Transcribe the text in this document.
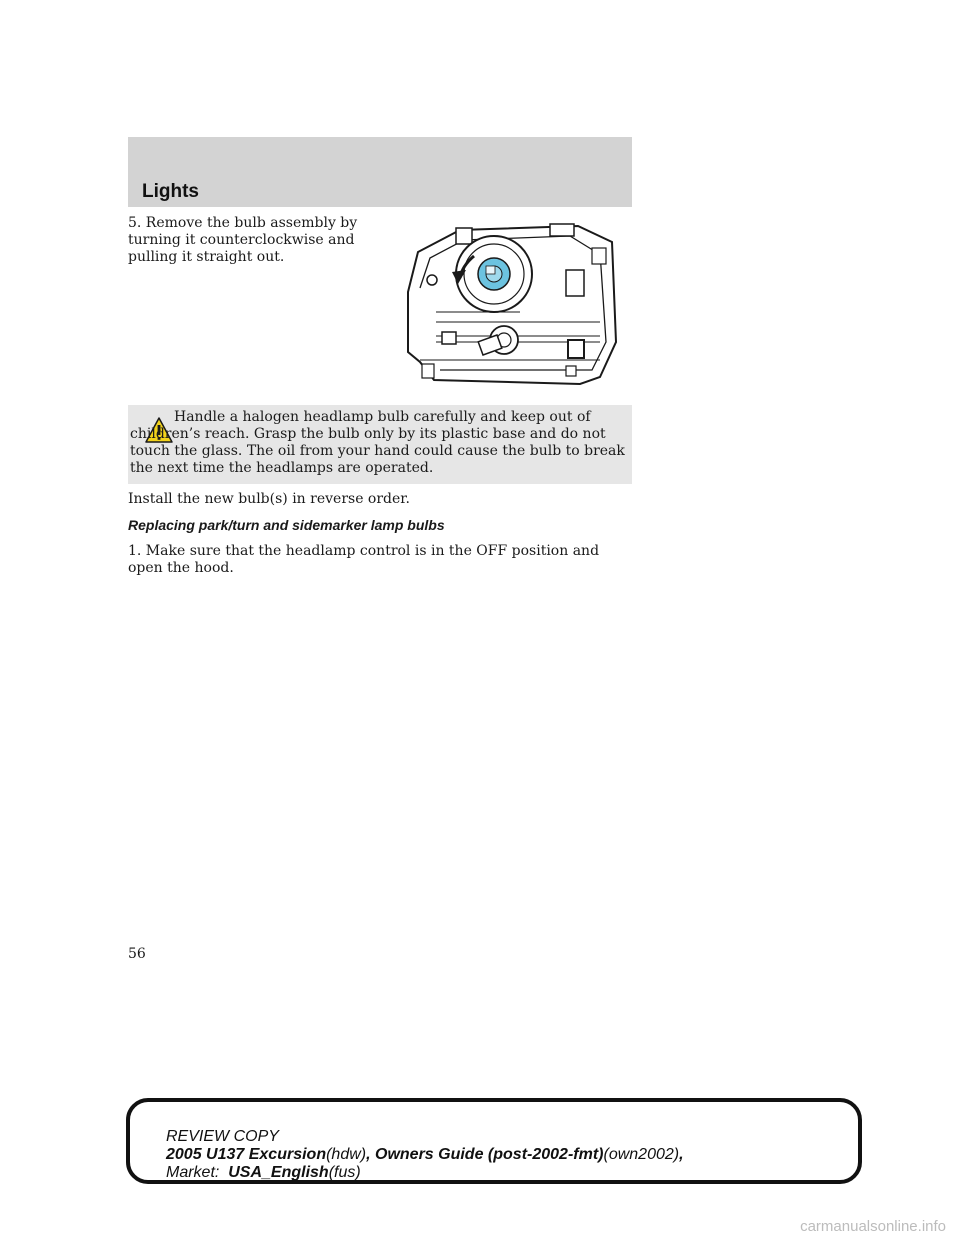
Lights

5. Remove the bulb assembly by turning it counterclockwise and pulling it straight out.

Handle a halogen headlamp bulb carefully and keep out of children’s reach. Grasp the bulb only by its plastic base and do not touch the glass. The oil from your hand could cause the bulb to break the next time the headlamps are operated.

Install the new bulb(s) in reverse order.

Replacing park/turn and sidemarker lamp bulbs

1. Make sure that the headlamp control is in the OFF position and open the hood.

56

REVIEW COPY
2005 U137 Excursion(hdw), Owners Guide (post-2002-fmt)(own2002),
Market: USA_English(fus)
carmanualsonline.info
